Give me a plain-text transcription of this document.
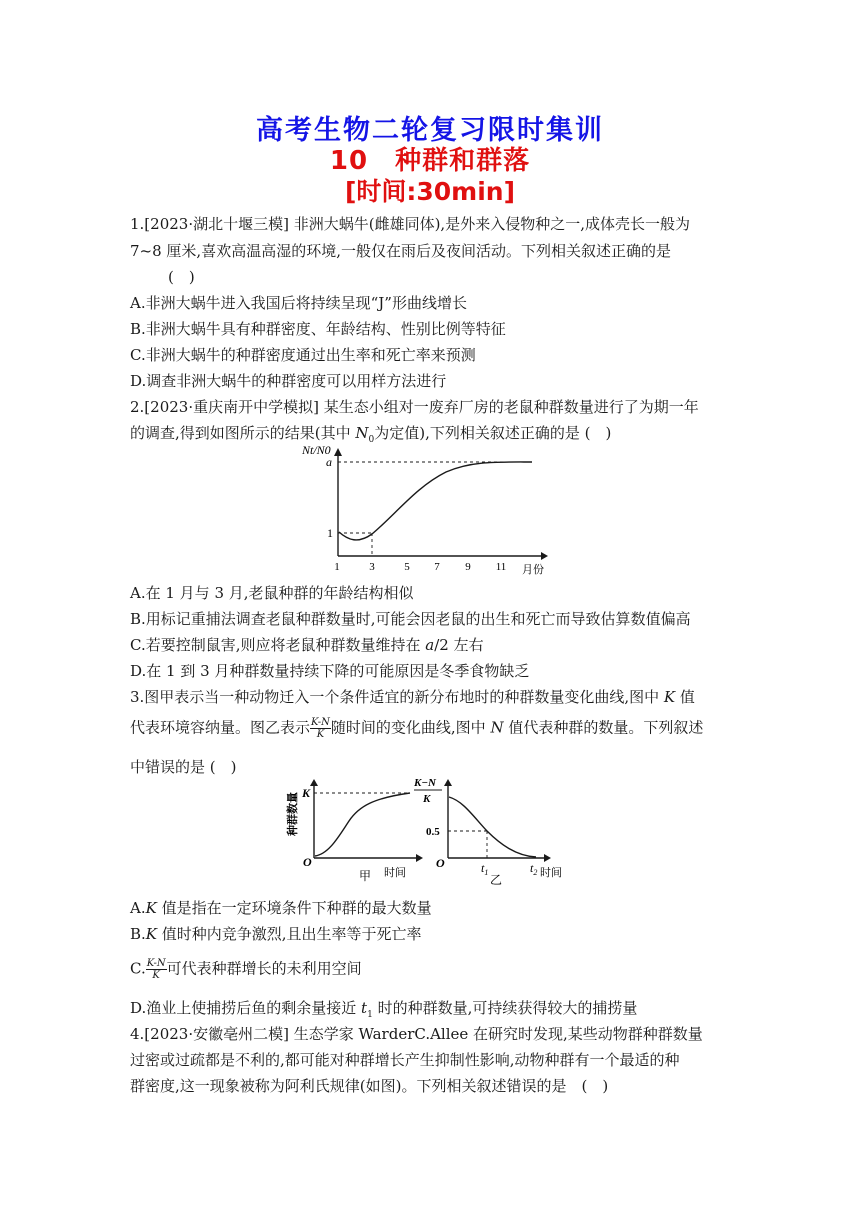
高考生物二轮复习限时集训
10　种群和群落
[时间:30min]
1.[2023·湖北十堰三模] 非洲大蜗牛(雌雄同体),是外来入侵物种之一,成体壳长一般为
7~8 厘米,喜欢高温高湿的环境,一般仅在雨后及夜间活动。下列相关叙述正确的是
(　)
A.非洲大蜗牛进入我国后将持续呈现“J”形曲线增长
B.非洲大蜗牛具有种群密度、年龄结构、性别比例等特征
C.非洲大蜗牛的种群密度通过出生率和死亡率来预测
D.调查非洲大蜗牛的种群密度可以用样方法进行
2.[2023·重庆南开中学模拟] 某生态小组对一废弃厂房的老鼠种群数量进行了为期一年
的调查,得到如图所示的结果(其中 $N_0$为定值),下列相关叙述正确的是 (　)
Nt/N0
a
1
1	3	5 7 9 11 月份
A.在 1 月与 3 月,老鼠种群的年龄结构相似
B.用标记重捕法调查老鼠种群数量时,可能会因老鼠的出生和死亡而导致估算数值偏高
C.若要控制鼠害,则应将老鼠种群数量维持在 a/2 左右
D.在 1 到 3 月种群数量持续下降的可能原因是冬季食物缺乏
3.图甲表示当一种动物迁入一个条件适宜的新分布地时的种群数量变化曲线,图中 K 值
代表环境容纳量。图乙表示 $\frac{K-N}{K}$ 随时间的变化曲线,图中 N 值代表种群的数量。下列叙述
中错误的是 (　)
K
O
种群数量
甲 时间
K−N
K
0.5
O	$t_1$	$t_2$ 时间
乙
A.K 值是指在一定环境条件下种群的最大数量
B.K 值时种内竞争激烈,且出生率等于死亡率
C. $\frac{K-N}{K}$ 可代表种群增长的未利用空间
D.渔业上使捕捞后鱼的剩余量接近 $t_1$ 时的种群数量,可持续获得较大的捕捞量
4.[2023·安徽亳州二模] 生态学家 WarderC.Allee 在研究时发现,某些动物群种群数量
过密或过疏都是不利的,都可能对种群增长产生抑制性影响,动物种群有一个最适的种
群密度,这一现象被称为阿利氏规律(如图)。下列相关叙述错误的是　(　)
